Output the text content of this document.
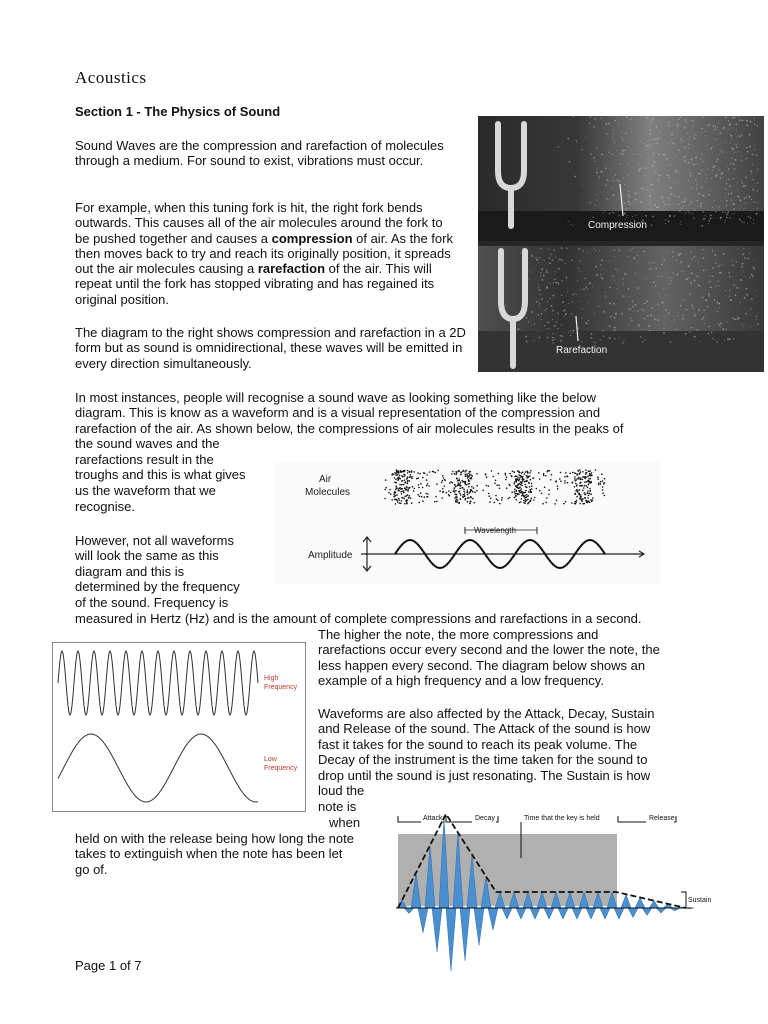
Acoustics
Section 1 - The Physics of Sound

Sound Waves are the compression and rarefaction of molecules through a medium. For sound to exist, vibrations must occur.

For example, when this tuning fork is hit, the right fork bends outwards. This causes all of the air molecules around the fork to be pushed together and causes a compression of air. As the fork then moves back to try and reach its originally position, it spreads out the air molecules causing a rarefaction of the air. This will repeat until the fork has stopped vibrating and has regained its original position.

The diagram to the right shows compression and rarefaction in a 2D form but as sound is omnidirectional, these waves will be emitted in every direction simultaneously.

Compression
Rarefaction
In most instances, people will recognise a sound wave as looking something like the below
diagram. This is know as a waveform and is a visual representation of the compression and
rarefaction of the air. As shown below, the compressions of air molecules results in the peaks of
the sound waves and the
rarefactions result in the
troughs and this is what gives
us the waveform that we
recognise.
Air
Molecules
Wavelength
Amplitude
However, not all waveforms
will look the same as this
diagram and this is
determined by the frequency
of the sound. Frequency is
measured in Hertz (Hz) and is the amount of complete compressions and rarefactions in a second.
The higher the note, the more compressions and
rarefactions occur every second and the lower the note, the
less happen every second. The diagram below shows an
example of a high frequency and a low frequency.
High
Frequency
Low
Frequency
Waveforms are also affected by the Attack, Decay, Sustain
and Release of the sound. The Attack of the sound is how
fast it takes for the sound to reach its peak volume. The
Decay of the instrument is the time taken for the sound to
drop until the sound is just resonating. The Sustain is how
loud the
note is
when
held on with the release being how long the note
takes to extinguish when the note has been let
go of.
Attack	Decay	Time that the key is held	Release
Sustain
Page 1 of 7
